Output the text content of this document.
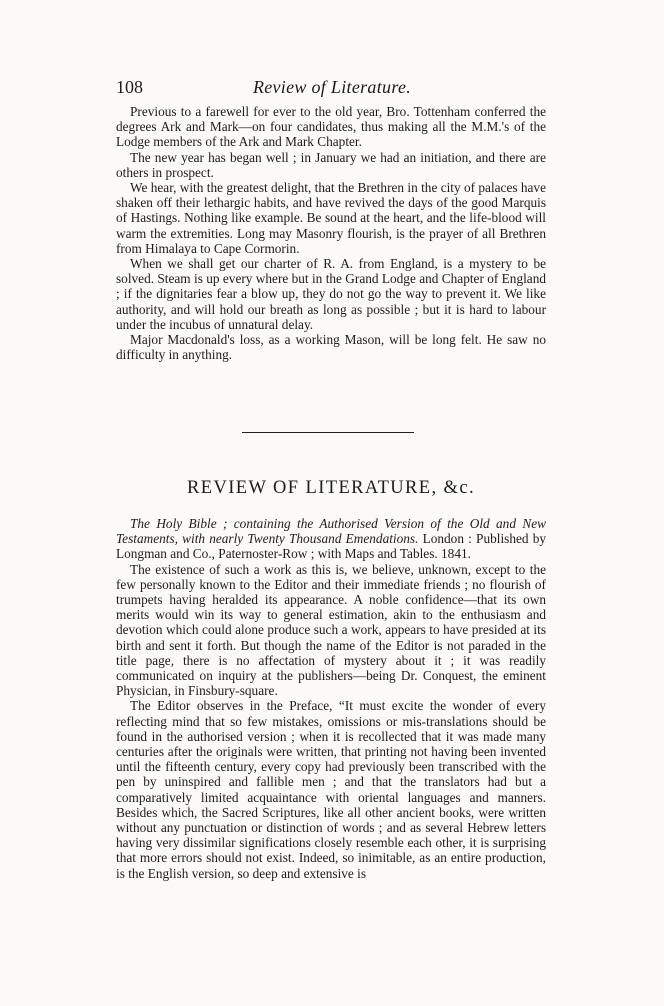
108	Review of Literature.

Previous to a farewell for ever to the old year, Bro. Tottenham conferred the degrees Ark and Mark—on four candidates, thus making all the M.M.'s of the Lodge members of the Ark and Mark Chapter.

The new year has began well ; in January we had an initiation, and there are others in prospect.

We hear, with the greatest delight, that the Brethren in the city of palaces have shaken off their lethargic habits, and have revived the days of the good Marquis of Hastings. Nothing like example. Be sound at the heart, and the life-blood will warm the extremities. Long may Masonry flourish, is the prayer of all Brethren from Himalaya to Cape Cormorin.

When we shall get our charter of R. A. from England, is a mystery to be solved. Steam is up every where but in the Grand Lodge and Chapter of England ; if the dignitaries fear a blow up, they do not go the way to prevent it. We like authority, and will hold our breath as long as possible ; but it is hard to labour under the incubus of unnatural delay.

Major Macdonald's loss, as a working Mason, will be long felt. He saw no difficulty in anything.

REVIEW OF LITERATURE, &c.

The Holy Bible ; containing the Authorised Version of the Old and New Testaments, with nearly Twenty Thousand Emendations. London : Published by Longman and Co., Paternoster-Row ; with Maps and Tables. 1841.

The existence of such a work as this is, we believe, unknown, except to the few personally known to the Editor and their immediate friends ; no flourish of trumpets having heralded its appearance. A noble confidence—that its own merits would win its way to general estimation, akin to the enthusiasm and devotion which could alone produce such a work, appears to have presided at its birth and sent it forth. But though the name of the Editor is not paraded in the title page, there is no affectation of mystery about it ; it was readily communicated on inquiry at the publishers—being Dr. Conquest, the eminent Physician, in Finsbury-square.

The Editor observes in the Preface, “It must excite the wonder of every reflecting mind that so few mistakes, omissions or mis-translations should be found in the authorised version ; when it is recollected that it was made many centuries after the originals were written, that printing not having been invented until the fifteenth century, every copy had previously been transcribed with the pen by uninspired and fallible men ; and that the translators had but a comparatively limited acquaintance with oriental languages and manners. Besides which, the Sacred Scriptures, like all other ancient books, were written without any punctuation or distinction of words ; and as several Hebrew letters having very dissimilar significations closely resemble each other, it is surprising that more errors should not exist. Indeed, so inimitable, as an entire production, is the English version, so deep and extensive is
